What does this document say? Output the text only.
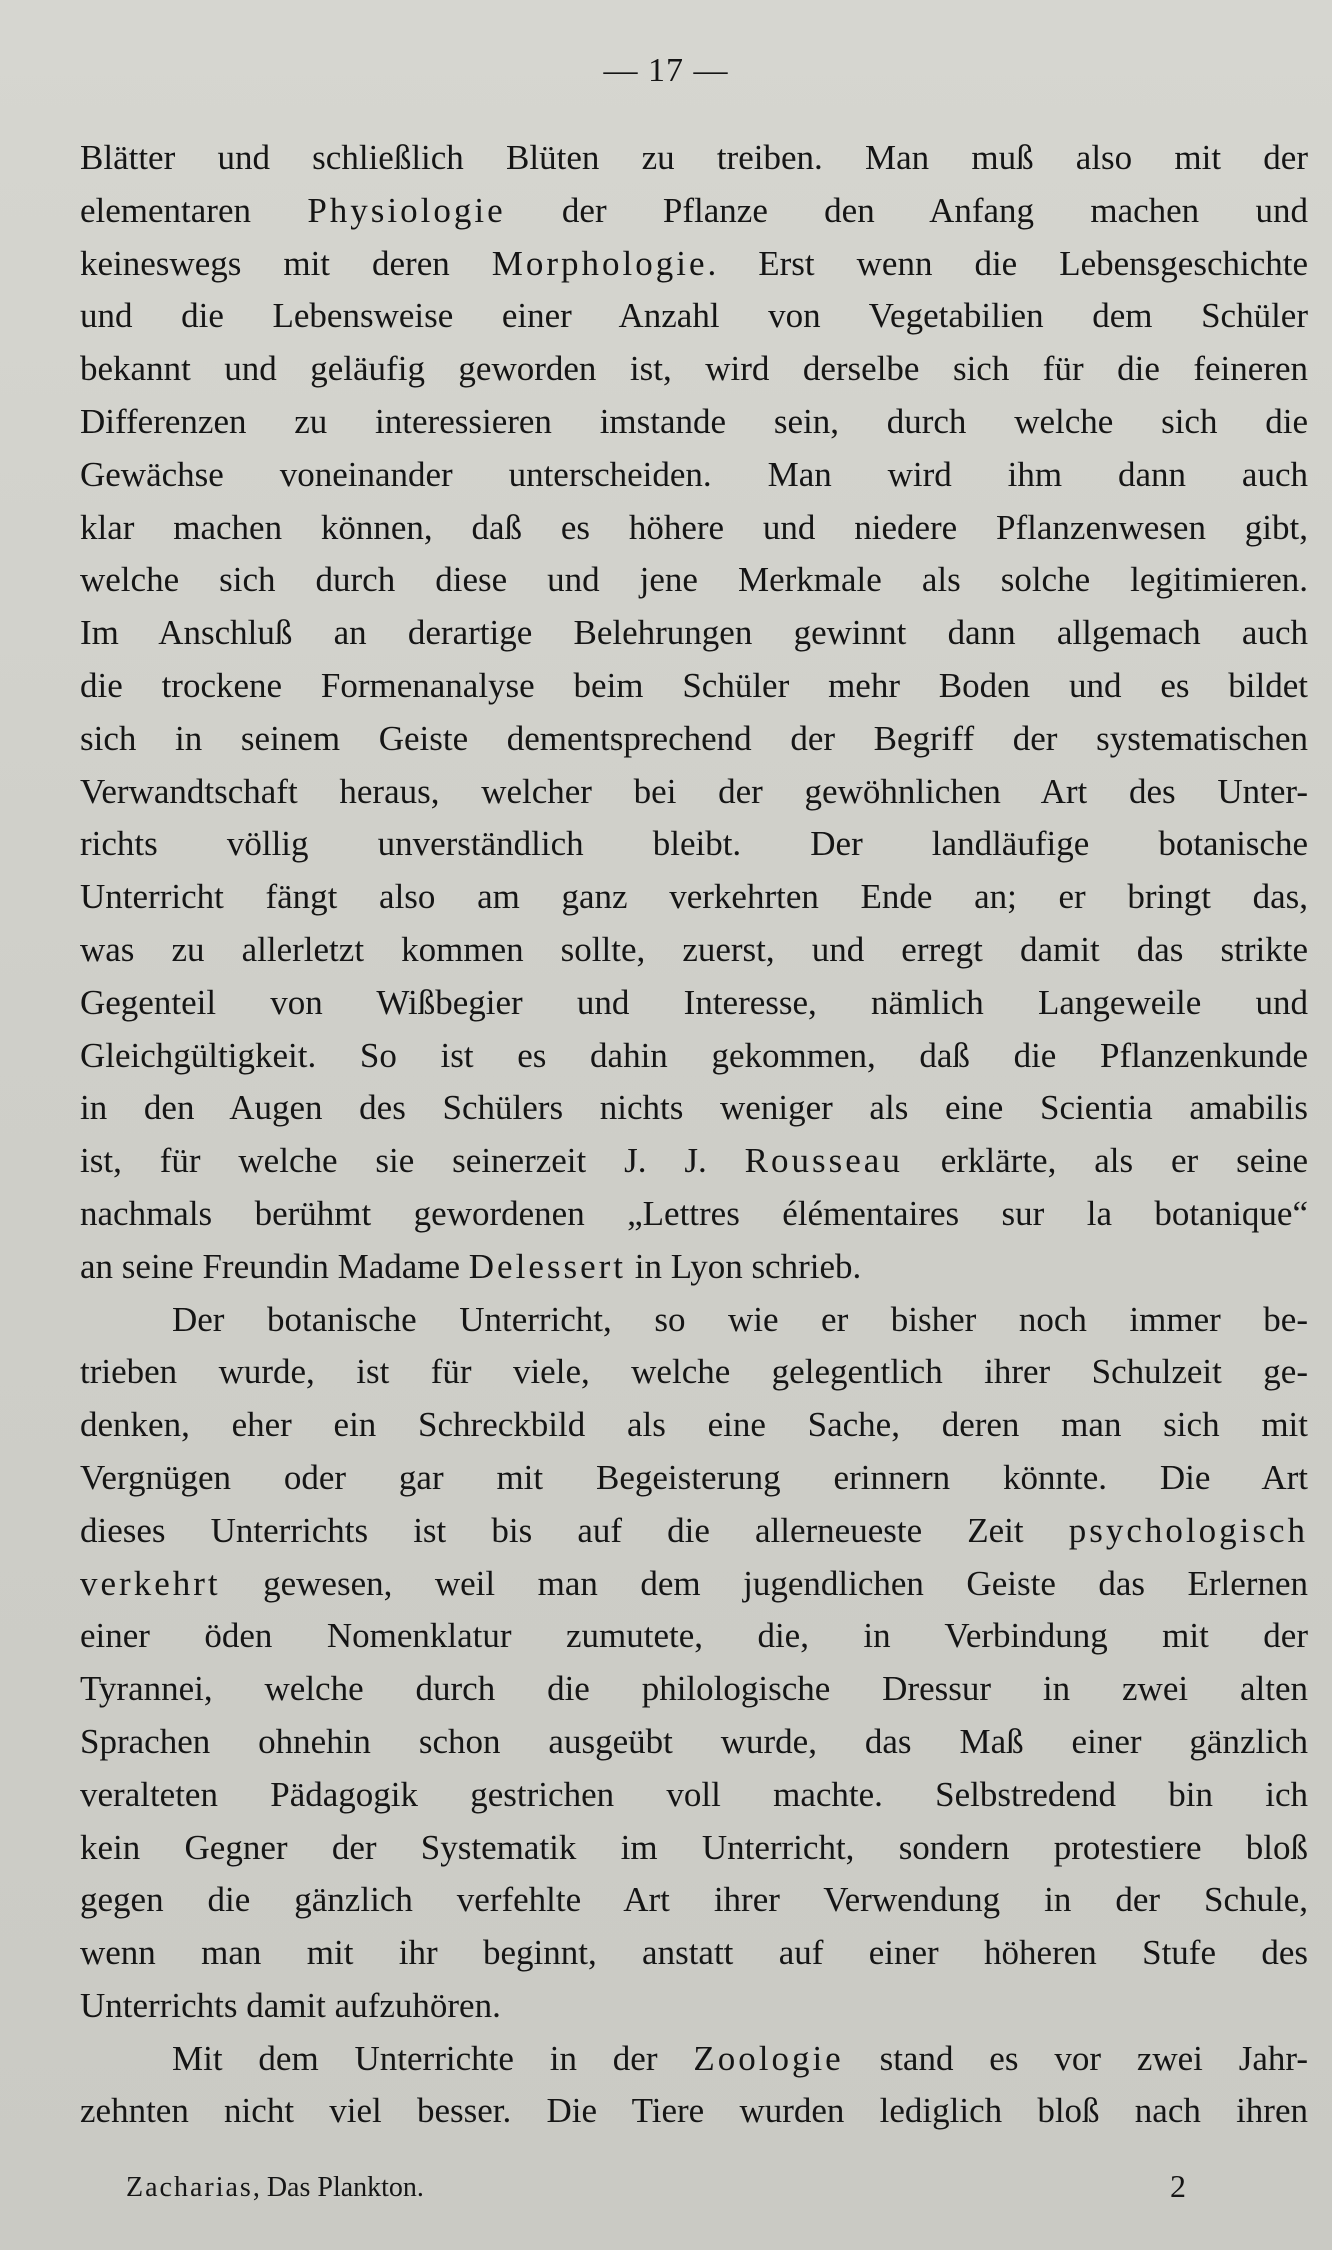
— 17 —
Blätter und schließlich Blüten zu treiben. Man muß also mit der
elementaren Physiologie der Pflanze den Anfang machen und
keineswegs mit deren Morphologie. Erst wenn die Lebensgeschichte
und die Lebensweise einer Anzahl von Vegetabilien dem Schüler
bekannt und geläufig geworden ist, wird derselbe sich für die feineren
Differenzen zu interessieren imstande sein, durch welche sich die
Gewächse voneinander unterscheiden. Man wird ihm dann auch
klar machen können, daß es höhere und niedere Pflanzenwesen gibt,
welche sich durch diese und jene Merkmale als solche legitimieren.
Im Anschluß an derartige Belehrungen gewinnt dann allgemach auch
die trockene Formenanalyse beim Schüler mehr Boden und es bildet
sich in seinem Geiste dementsprechend der Begriff der systematischen
Verwandtschaft heraus, welcher bei der gewöhnlichen Art des Unter-
richts völlig unverständlich bleibt. Der landläufige botanische
Unterricht fängt also am ganz verkehrten Ende an; er bringt das,
was zu allerletzt kommen sollte, zuerst, und erregt damit das strikte
Gegenteil von Wißbegier und Interesse, nämlich Langeweile und
Gleichgültigkeit. So ist es dahin gekommen, daß die Pflanzenkunde
in den Augen des Schülers nichts weniger als eine Scientia amabilis
ist, für welche sie seinerzeit J. J. Rousseau erklärte, als er seine
nachmals berühmt gewordenen „Lettres élémentaires sur la botanique“
an seine Freundin Madame Delessert in Lyon schrieb.
Der botanische Unterricht, so wie er bisher noch immer be-
trieben wurde, ist für viele, welche gelegentlich ihrer Schulzeit ge-
denken, eher ein Schreckbild als eine Sache, deren man sich mit
Vergnügen oder gar mit Begeisterung erinnern könnte. Die Art
dieses Unterrichts ist bis auf die allerneueste Zeit psychologisch
verkehrt gewesen, weil man dem jugendlichen Geiste das Erlernen
einer öden Nomenklatur zumutete, die, in Verbindung mit der
Tyrannei, welche durch die philologische Dressur in zwei alten
Sprachen ohnehin schon ausgeübt wurde, das Maß einer gänzlich
veralteten Pädagogik gestrichen voll machte. Selbstredend bin ich
kein Gegner der Systematik im Unterricht, sondern protestiere bloß
gegen die gänzlich verfehlte Art ihrer Verwendung in der Schule,
wenn man mit ihr beginnt, anstatt auf einer höheren Stufe des
Unterrichts damit aufzuhören.
Mit dem Unterrichte in der Zoologie stand es vor zwei Jahr-
zehnten nicht viel besser. Die Tiere wurden lediglich bloß nach ihren
Zacharias, Das Plankton.	2
